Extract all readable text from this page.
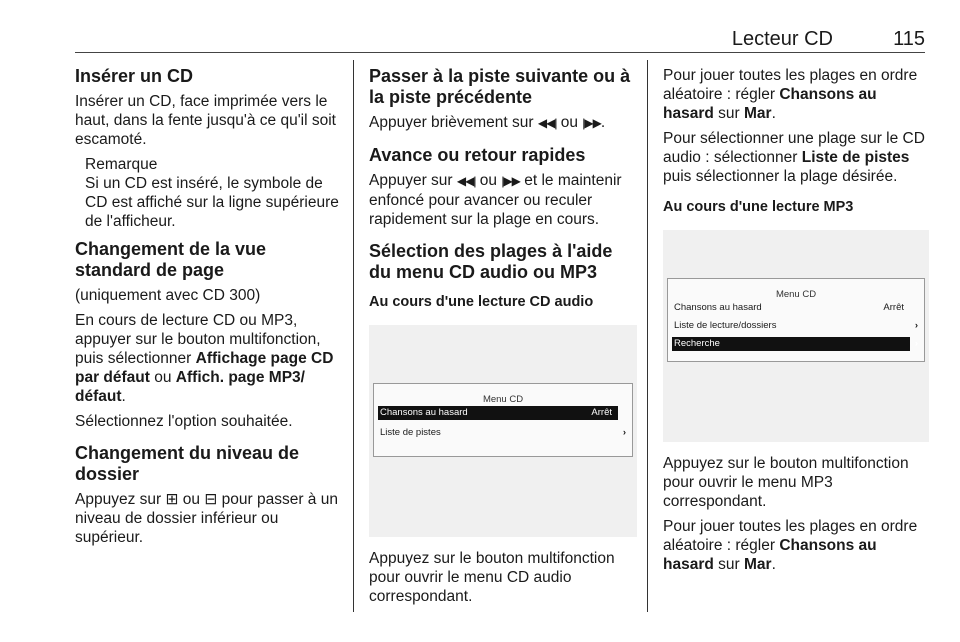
Lecteur CD	115
Insérer un CD

Insérer un CD, face imprimée vers le haut, dans la fente jusqu'à ce qu'il soit escamoté.

Remarque
Si un CD est inséré, le symbole de CD est affiché sur la ligne supérieure de l'afficheur.
Changement de la vue standard de page

(uniquement avec CD 300)

En cours de lecture CD ou MP3, appuyer sur le bouton multifonction, puis sélectionner Affichage page CD par défaut ou Affich. page MP3/ défaut.

Sélectionnez l'option souhaitée.

Changement du niveau de dossier

Appuyez sur ⊞ ou ⊟ pour passer à un niveau de dossier inférieur ou supérieur.

Passer à la piste suivante ou à la piste précédente

Appuyer brièvement sur ◀◀| ou |▶▶.

Avance ou retour rapides

Appuyer sur ◀◀| ou |▶▶ et le maintenir enfoncé pour avancer ou reculer rapidement sur la plage en cours.

Sélection des plages à l'aide du menu CD audio ou MP3
Au cours d'une lecture CD audio
Menu CD
Chansons au hasard	Arrêt
Liste de pistes	›

Appuyez sur le bouton multifonction pour ouvrir le menu CD audio correspondant.

Pour jouer toutes les plages en ordre aléatoire : régler Chansons au hasard sur Mar.

Pour sélectionner une plage sur le CD audio : sélectionner Liste de pistes puis sélectionner la plage désirée.

Au cours d'une lecture MP3
Menu CD
Chansons au hasard	Arrêt
Liste de lecture/dossiers	›
Recherche	›

Appuyez sur le bouton multifonction pour ouvrir le menu MP3 correspondant.

Pour jouer toutes les plages en ordre aléatoire : régler Chansons au hasard sur Mar.
